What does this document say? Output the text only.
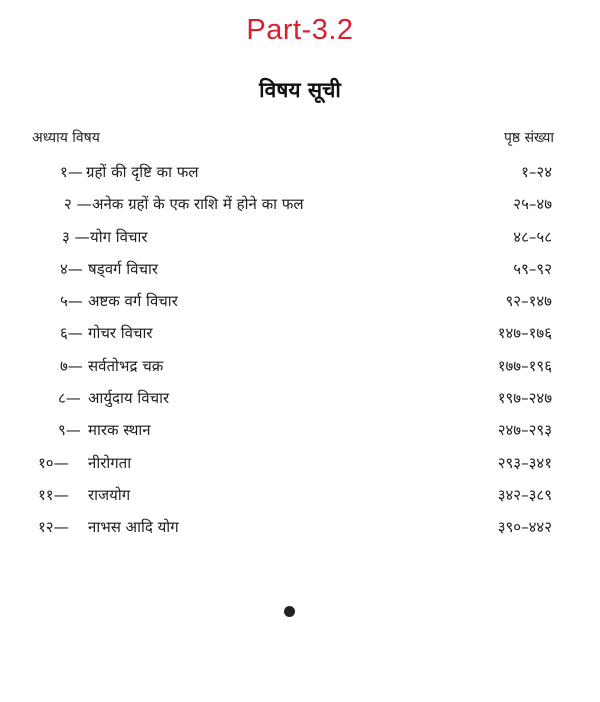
Part-3.2
विषय सूची
अध्याय विषय	पृष्ठ संख्या
१— ग्रहों की दृष्टि का फल	१–२४
२ — अनेक ग्रहों के एक राशि में होने का फल	२५–४७
३ — योग विचार	४८–५८
४— षड्वर्ग विचार	५९–९२
५— अष्टक वर्ग विचार	९२–१४७
६— गोचर विचार	१४७–१७६
७— सर्वतोभद्र चक्र	१७७–१९६
८— आर्युदाय विचार	१९७–२४७
९— मारक स्थान	२४७–२९३
१०— नीरोगता	२९३–३४१
११— राजयोग	३४२–३८९
१२— नाभस आदि योग	३९०–४४२
